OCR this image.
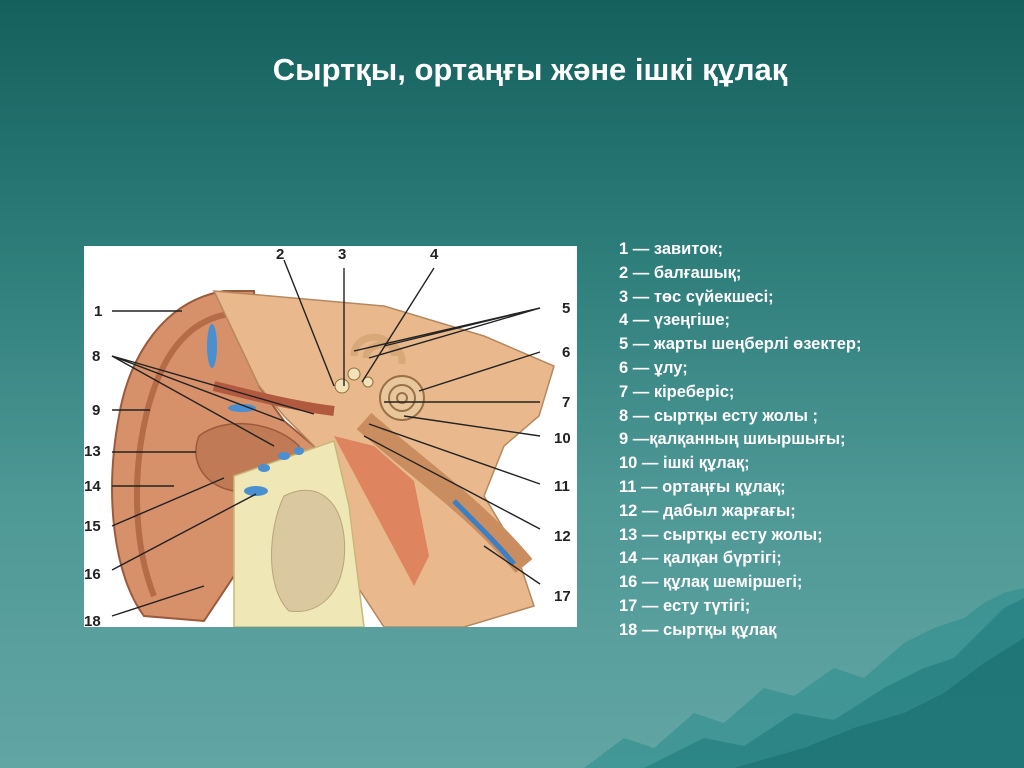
Сыртқы, ортаңғы және ішкі құлақ
1
2	3	4
5
6
7
8
9
10
11
12
13
14
15
16
17
18
1 — завиток;
2 — балғашық;
3 — төс сүйекшесі;
4 — үзеңгіше;
5 — жарты шеңберлі өзектер;
6 — ұлу;
7 — кіреберіс;
8 — сыртқы есту жолы ;
9 —қалқанның шиыршығы;
10 — ішкі құлақ;
11 — ортаңғы құлақ;
12 — дабыл жарғағы;
13 — сыртқы есту жолы;
14 — қалқан бүртігі;
16 — құлақ шеміршегі;
17 — есту түтігі;
18 — сыртқы құлақ
